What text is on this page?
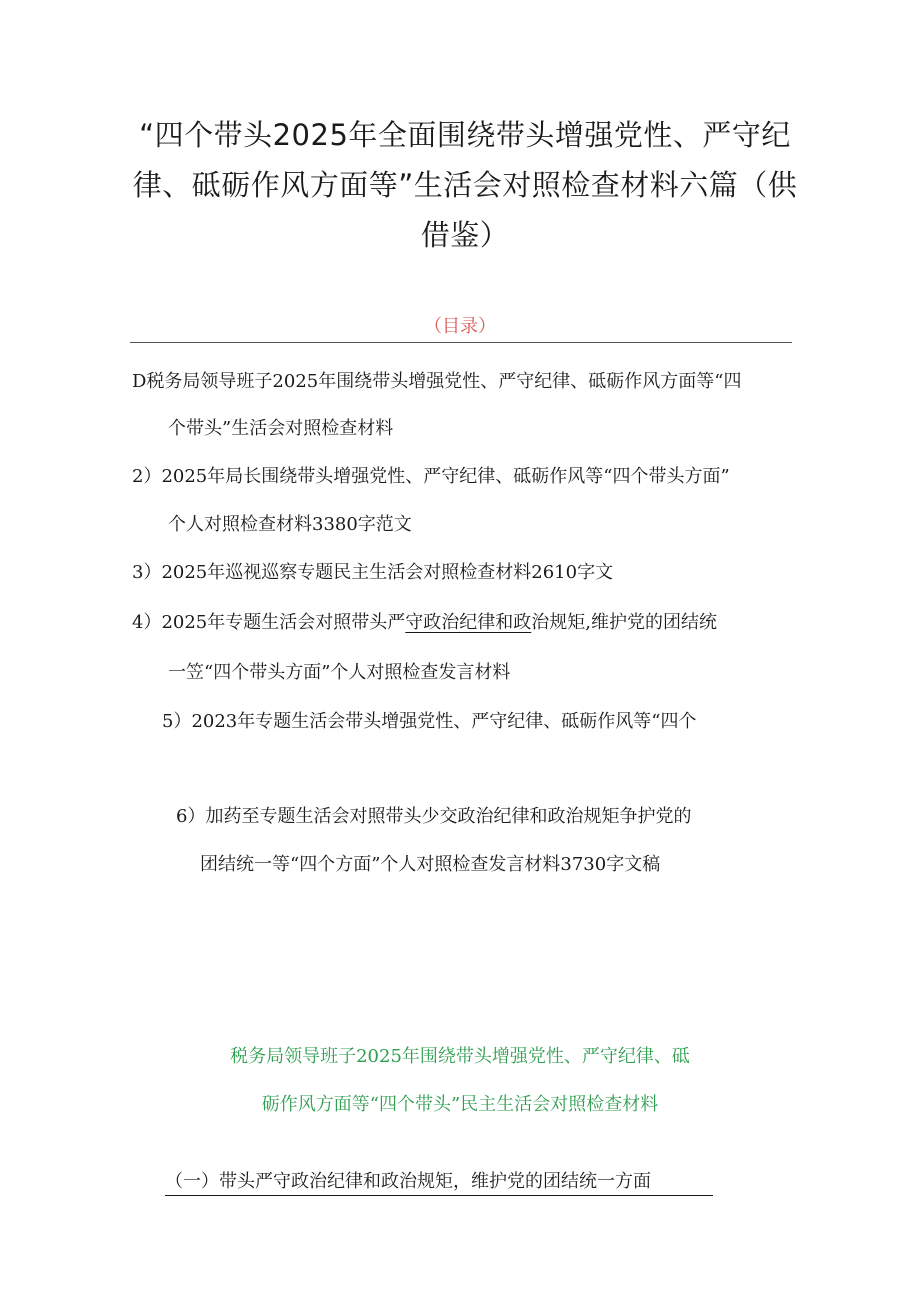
“四个带头2025年全面围绕带头增强党性、严守纪
律、砥砺作风方面等”生活会对照检查材料六篇（供
借鉴）
（目录）
D税务局领导班子2025年围绕带头增强党性、严守纪律、砥砺作风方面等“四
个带头”生活会对照检查材料
2）2025年局长围绕带头增强党性、严守纪律、砥砺作风等“四个带头方面”
个人对照检查材料3380字范文
3）2025年巡视巡察专题民主生活会对照检查材料2610字文
4）2025年专题生活会对照带头严守政治纪律和政治规矩,维护党的团结统
一笠“四个带头方面”个人对照检查发言材料
5）2023年专题生活会带头增强党性、严守纪律、砥砺作风等“四个
6）加药至专题生活会对照带头少交政治纪律和政治规矩争护党的
团结统一等“四个方面”个人对照检查发言材料3730字文稿
税务局领导班子2025年围绕带头增强党性、严守纪律、砥
砺作风方面等“四个带头”民主生活会对照检查材料
（一）带头严守政治纪律和政治规矩，维护党的团结统一方面
